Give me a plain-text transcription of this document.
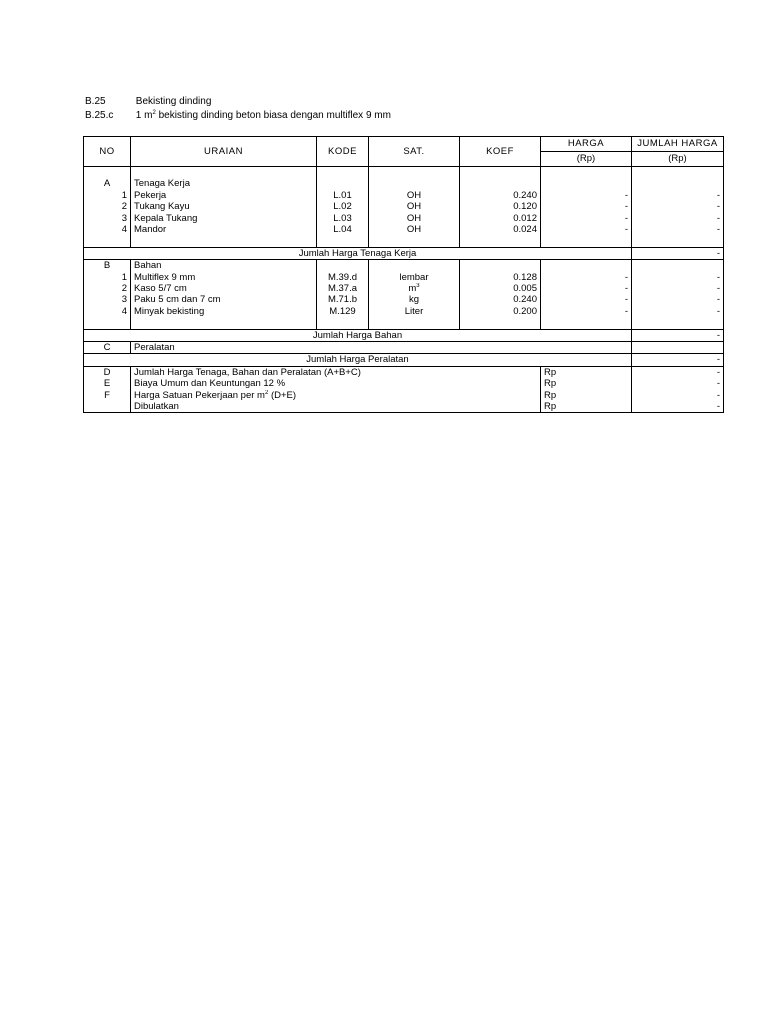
B.25	Bekisting dinding
B.25.c 1 $m^2$ bekisting dinding beton biasa dengan multiflex 9 mm
NO	URAIAN	KODE	SAT.	KOEF	HARGA	JUMLAH HARGA
					(Rp)	(Rp)

A	Tenaga Kerja					
1	Pekerja	L.01	OH	0.240	-	-
2	Tukang Kayu	L.02	OH	0.120	-	-
3	Kepala Tukang	L.03	OH	0.012	-	-
4	Mandor	L.04	OH	0.024	-	-

Jumlah Harga Tenaga Kerja						-
B	Bahan					
1	Multiflex 9 mm	M.39.d	lembar	0.128	-	-
2	Kaso 5/7 cm	M.37.a	$m^3$	0.005	-	-
3	Paku 5 cm dan 7 cm	M.71.b	kg	0.240	-	-
4	Minyak bekisting	M.129	Liter	0.200	-	-

Jumlah Harga Bahan						-
C	Peralatan					
Jumlah Harga Peralatan						-
D	Jumlah Harga Tenaga, Bahan dan Peralatan (A+B+C)				Rp	-
E	Biaya Umum dan Keuntungan 12 %				Rp	-
F	Harga Satuan Pekerjaan per $m^2$ (D+E)				Rp	-
	Dibulatkan				Rp	-
